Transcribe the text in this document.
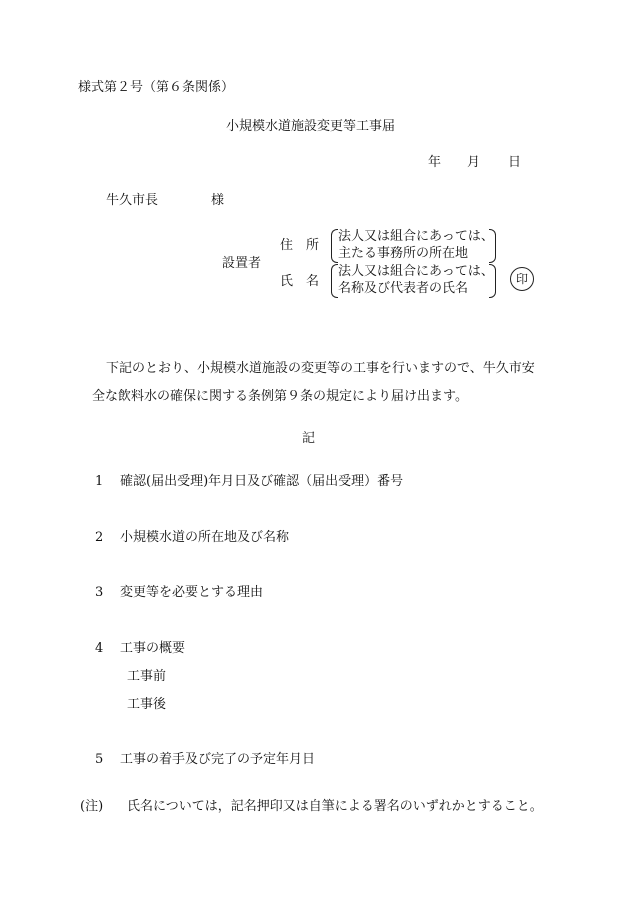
様式第２号（第６条関係）
小規模水道施設変更等工事届
年 月 日
牛久市長	様
設置者
住　所
氏　名
法人又は組合にあっては、
主たる事務所の所在地
法人又は組合にあっては、
名称及び代表者の氏名
印
下記のとおり、小規模水道施設の変更等の工事を行いますので、牛久市安
全な飲料水の確保に関する条例第９条の規定により届け出ます。
記
1 確認(届出受理)年月日及び確認（届出受理）番号
2 小規模水道の所在地及び名称
3 変更等を必要とする理由
4 工事の概要
工事前
工事後
5 工事の着手及び完了の予定年月日
(注) 氏名については，記名押印又は自筆による署名のいずれかとすること。
